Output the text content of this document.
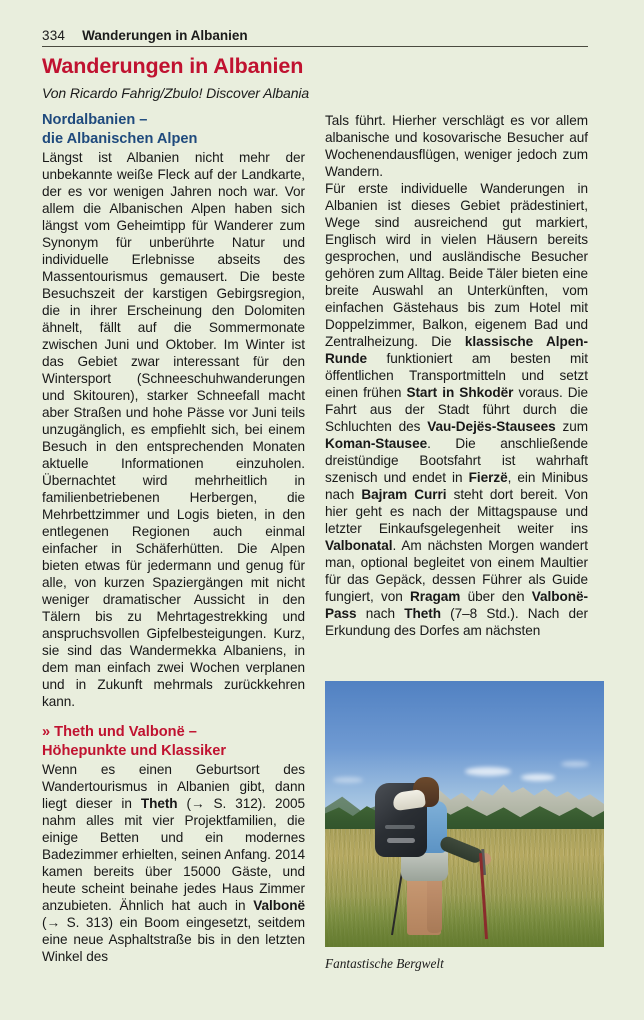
334 Wanderungen in Albanien
Wanderungen in Albanien
Von Ricardo Fahrig/Zbulo! Discover Albania
Nordalbanien –
die Albanischen Alpen

Längst ist Albanien nicht mehr der unbekannte weiße Fleck auf der Landkarte, der es vor wenigen Jahren noch war. Vor allem die Albanischen Alpen haben sich längst vom Geheimtipp für Wanderer zum Synonym für unberührte Natur und individuelle Erlebnisse abseits des Massentourismus gemausert. Die beste Besuchszeit der karstigen Gebirgsregion, die in ihrer Erscheinung den Dolomiten ähnelt, fällt auf die Sommermonate zwischen Juni und Oktober. Im Winter ist das Gebiet zwar interessant für den Wintersport (Schneeschuhwanderungen und Skitouren), starker Schneefall macht aber Straßen und hohe Pässe vor Juni teils unzugänglich, es empfiehlt sich, bei einem Besuch in den entsprechenden Monaten aktuelle Informationen einzuholen. Übernachtet wird mehrheitlich in familienbetriebenen Herbergen, die Mehrbettzimmer und Logis bieten, in den entlegenen Regionen auch einmal einfacher in Schäferhütten. Die Alpen bieten etwas für jedermann und genug für alle, von kurzen Spaziergängen mit nicht weniger dramatischer Aussicht in den Tälern bis zu Mehrtagestrekking und anspruchsvollen Gipfelbesteigungen. Kurz, sie sind das Wandermekka Albaniens, in dem man einfach zwei Wochen verplanen und in Zukunft mehrmals zurückkehren kann.

» Theth und Valbonë –
Höhepunkte und Klassiker

Wenn es einen Geburtsort des Wandertourismus in Albanien gibt, dann liegt dieser in Theth (→ S. 312). 2005 nahm alles mit vier Projektfamilien, die einige Betten und ein modernes Badezimmer erhielten, seinen Anfang. 2014 kamen bereits über 15000 Gäste, und heute scheint beinahe jedes Haus Zimmer anzubieten. Ähnlich hat auch in Valbonë (→ S. 313) ein Boom eingesetzt, seitdem eine neue Asphaltstraße bis in den letzten Winkel des

Tals führt. Hierher verschlägt es vor allem albanische und kosovarische Besucher auf Wochenendausflügen, weniger jedoch zum Wandern.

Für erste individuelle Wanderungen in Albanien ist dieses Gebiet prädestiniert, Wege sind ausreichend gut markiert, Englisch wird in vielen Häusern bereits gesprochen, und ausländische Besucher gehören zum Alltag. Beide Täler bieten eine breite Auswahl an Unterkünften, vom einfachen Gästehaus bis zum Hotel mit Doppelzimmer, Balkon, eigenem Bad und Zentralheizung. Die klassische Alpen-Runde funktioniert am besten mit öffentlichen Transportmitteln und setzt einen frühen Start in Shkodër voraus. Die Fahrt aus der Stadt führt durch die Schluchten des Vau-Dejës-Stausees zum Koman-Stausee. Die anschließende dreistündige Bootsfahrt ist wahrhaft szenisch und endet in Fierzë, ein Minibus nach Bajram Curri steht dort bereit. Von hier geht es nach der Mittagspause und letzter Einkaufsgelegenheit weiter ins Valbonatal. Am nächsten Morgen wandert man, optional begleitet von einem Maultier für das Gepäck, dessen Führer als Guide fungiert, von Rragam über den Valbonë-Pass nach Theth (7–8 Std.). Nach der Erkundung des Dorfes am nächsten

Fantastische Bergwelt
